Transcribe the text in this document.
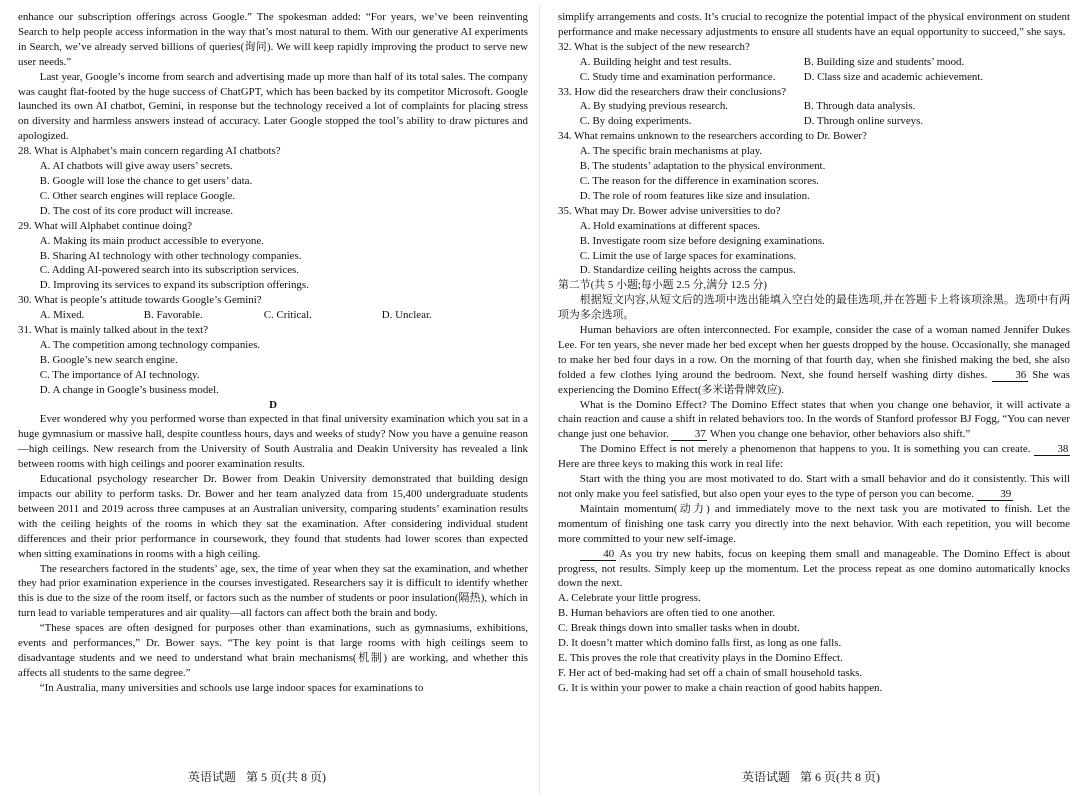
enhance our subscription offerings across Google.” The spokesman added: “For years, we’ve been reinventing Search to help people access information in the way that’s most natural to them. With our generative AI experiments in Search, we’ve already served billions of queries(询问). We will keep rapidly improving the product to serve new user needs.”

Last year, Google’s income from search and advertising made up more than half of its total sales. The company was caught flat-footed by the huge success of ChatGPT, which has been backed by its competitor Microsoft. Google launched its own AI chatbot, Gemini, in response but the technology received a lot of complaints for placing stress on diversity and harmless answers instead of accuracy. Later Google stopped the tool’s ability to draw pictures and apologized.

28. What is Alphabet’s main concern regarding AI chatbots?

A. AI chatbots will give away users’ secrets.

B. Google will lose the chance to get users’ data.

C. Other search engines will replace Google.

D. The cost of its core product will increase.

29. What will Alphabet continue doing?

A. Making its main product accessible to everyone.

B. Sharing AI technology with other technology companies.

C. Adding AI-powered search into its subscription services.

D. Improving its services to expand its subscription offerings.

30. What is people’s attitude towards Google’s Gemini?

A. Mixed.	B. Favorable.	C. Critical.	D. Unclear.

31. What is mainly talked about in the text?

A. The competition among technology companies.

B. Google’s new search engine.

C. The importance of AI technology.

D. A change in Google’s business model.

D

Ever wondered why you performed worse than expected in that final university examination which you sat in a huge gymnasium or massive hall, despite countless hours, days and weeks of study? Now you have a genuine reason—high ceilings. New research from the University of South Australia and Deakin University has revealed a link between rooms with high ceilings and poorer examination results.

Educational psychology researcher Dr. Bower from Deakin University demonstrated that building design impacts our ability to perform tasks. Dr. Bower and her team analyzed data from 15,400 undergraduate students between 2011 and 2019 across three campuses at an Australian university, comparing students’ examination results with the ceiling heights of the rooms in which they sat the examination. After considering individual student differences and their prior performance in coursework, they found that students had lower scores than expected when sitting examinations in rooms with a high ceiling.

The researchers factored in the students’ age, sex, the time of year when they sat the examination, and whether they had prior examination experience in the courses investigated. Researchers say it is difficult to identify whether this is due to the size of the room itself, or factors such as the number of students or poor insulation(隔热), which in turn lead to variable temperatures and air quality—all factors can affect both the brain and body.

“These spaces are often designed for purposes other than examinations, such as gymnasiums, exhibitions, events and performances,” Dr. Bower says. “The key point is that large rooms with high ceilings seem to disadvantage students and we need to understand what brain mechanisms(机制) are working, and whether this affects all students to the same degree.”

“In Australia, many universities and schools use large indoor spaces for examinations to

英语试题 第 5 页(共 8 页)

simplify arrangements and costs. It’s crucial to recognize the potential impact of the physical environment on student performance and make necessary adjustments to ensure all students have an equal opportunity to succeed,” she says.

32. What is the subject of the new research?

A. Building height and test results.	B. Building size and students’ mood.
C. Study time and examination performance.	D. Class size and academic achievement.

33. How did the researchers draw their conclusions?

A. By studying previous research.	B. Through data analysis.
C. By doing experiments.	D. Through online surveys.

34. What remains unknown to the researchers according to Dr. Bower?

A. The specific brain mechanisms at play.

B. The students’ adaptation to the physical environment.

C. The reason for the difference in examination scores.

D. The role of room features like size and insulation.

35. What may Dr. Bower advise universities to do?

A. Hold examinations at different spaces.

B. Investigate room size before designing examinations.

C. Limit the use of large spaces for examinations.

D. Standardize ceiling heights across the campus.

第二节(共 5 小题;每小题 2.5 分,满分 12.5 分)

根据短文内容,从短文后的选项中选出能填入空白处的最佳选项,并在答题卡上将该项涂黑。选项中有两项为多余选项。

Human behaviors are often interconnected. For example, consider the case of a woman named Jennifer Dukes Lee. For ten years, she never made her bed except when her guests dropped by the house. Occasionally, she managed to make her bed four days in a row. On the morning of that fourth day, when she finished making the bed, she also folded a few clothes lying around the bedroom. Next, she found herself washing dirty dishes.	36 She was experiencing the Domino Effect(多米诺骨牌效应).

What is the Domino Effect? The Domino Effect states that when you change one behavior, it will activate a chain reaction and cause a shift in related behaviors too. In the words of Stanford professor BJ Fogg, “You can never change just one behavior. 37 When you change one behavior, other behaviors also shift.”

The Domino Effect is not merely a phenomenon that happens to you. It is something you can create. 38 Here are three keys to making this work in real life:

Start with the thing you are most motivated to do. Start with a small behavior and do it consistently. This will not only make you feel satisfied, but also open your eyes to the type of person you can become. 39

Maintain momentum(动力) and immediately move to the next task you are motivated to finish. Let the momentum of finishing one task carry you directly into the next behavior. With each repetition, you will become more committed to your new self-image.

40 As you try new habits, focus on keeping them small and manageable. The Domino Effect is about progress, not results. Simply keep up the momentum. Let the process repeat as one domino automatically knocks down the next.

A. Celebrate your little progress.

B. Human behaviors are often tied to one another.

C. Break things down into smaller tasks when in doubt.

D. It doesn’t matter which domino falls first, as long as one falls.

E. This proves the role that creativity plays in the Domino Effect.

F. Her act of bed-making had set off a chain of small household tasks.

G. It is within your power to make a chain reaction of good habits happen.

英语试题 第 6 页(共 8 页)
